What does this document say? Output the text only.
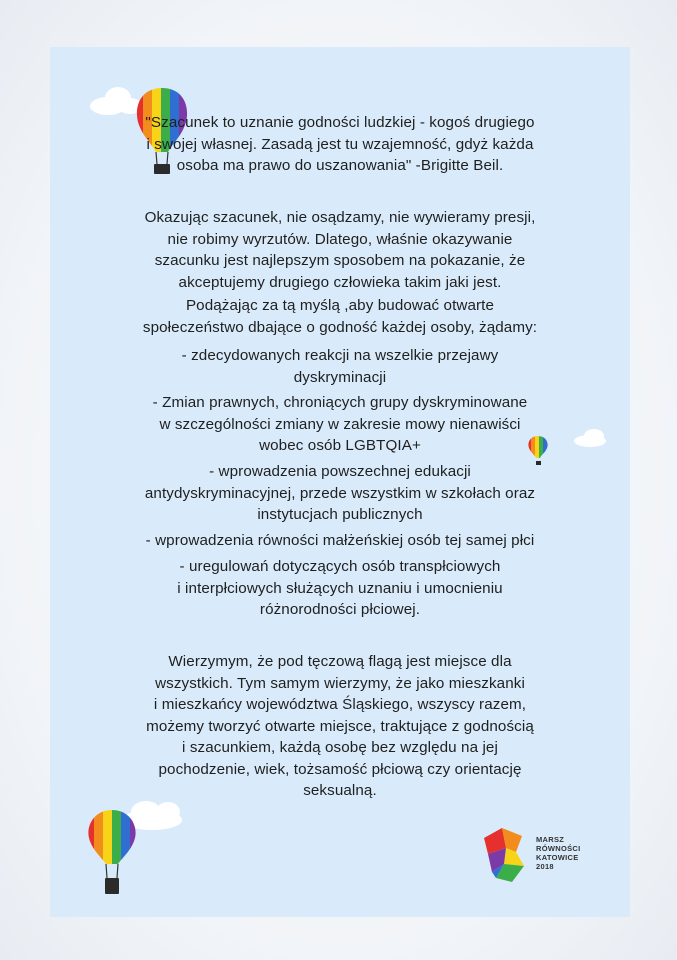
"Szacunek to uznanie godności ludzkiej - kogoś drugiego
i swojej własnej. Zasadą jest tu wzajemność, gdyż każda
osoba ma prawo do uszanowania" -Brigitte Beil.
Okazując szacunek, nie osądzamy, nie wywieramy presji,
nie robimy wyrzutów. Dlatego, właśnie okazywanie
szacunku jest najlepszym sposobem na pokazanie, że
akceptujemy drugiego człowieka takim jaki jest.
Podążając za tą myślą ,aby budować otwarte
społeczeństwo dbające o godność każdej osoby, żądamy:
- zdecydowanych reakcji na wszelkie przejawy
dyskryminacji
- Zmian prawnych, chroniących grupy dyskryminowane
w szczególności zmiany w zakresie mowy nienawiści
wobec osób LGBTQIA+
- wprowadzenia powszechnej edukacji
antydyskryminacyjnej, przede wszystkim w szkołach oraz
instytucjach publicznych
- wprowadzenia równości małżeńskiej osób tej samej płci
- uregulowań dotyczących osób transpłciowych
i interpłciowych służących uznaniu i umocnieniu
różnorodności płciowej.
Wierzymym, że pod tęczową flagą jest miejsce dla
wszystkich. Tym samym wierzymy, że jako mieszkanki
i mieszkańcy województwa Śląskiego, wszyscy razem,
możemy tworzyć otwarte miejsce, traktujące z godnością
i szacunkiem, każdą osobę bez względu na jej
pochodzenie, wiek, tożsamość płciową czy orientację
seksualną.
MARSZ
RÓWNOŚCI
KATOWICE
2018
